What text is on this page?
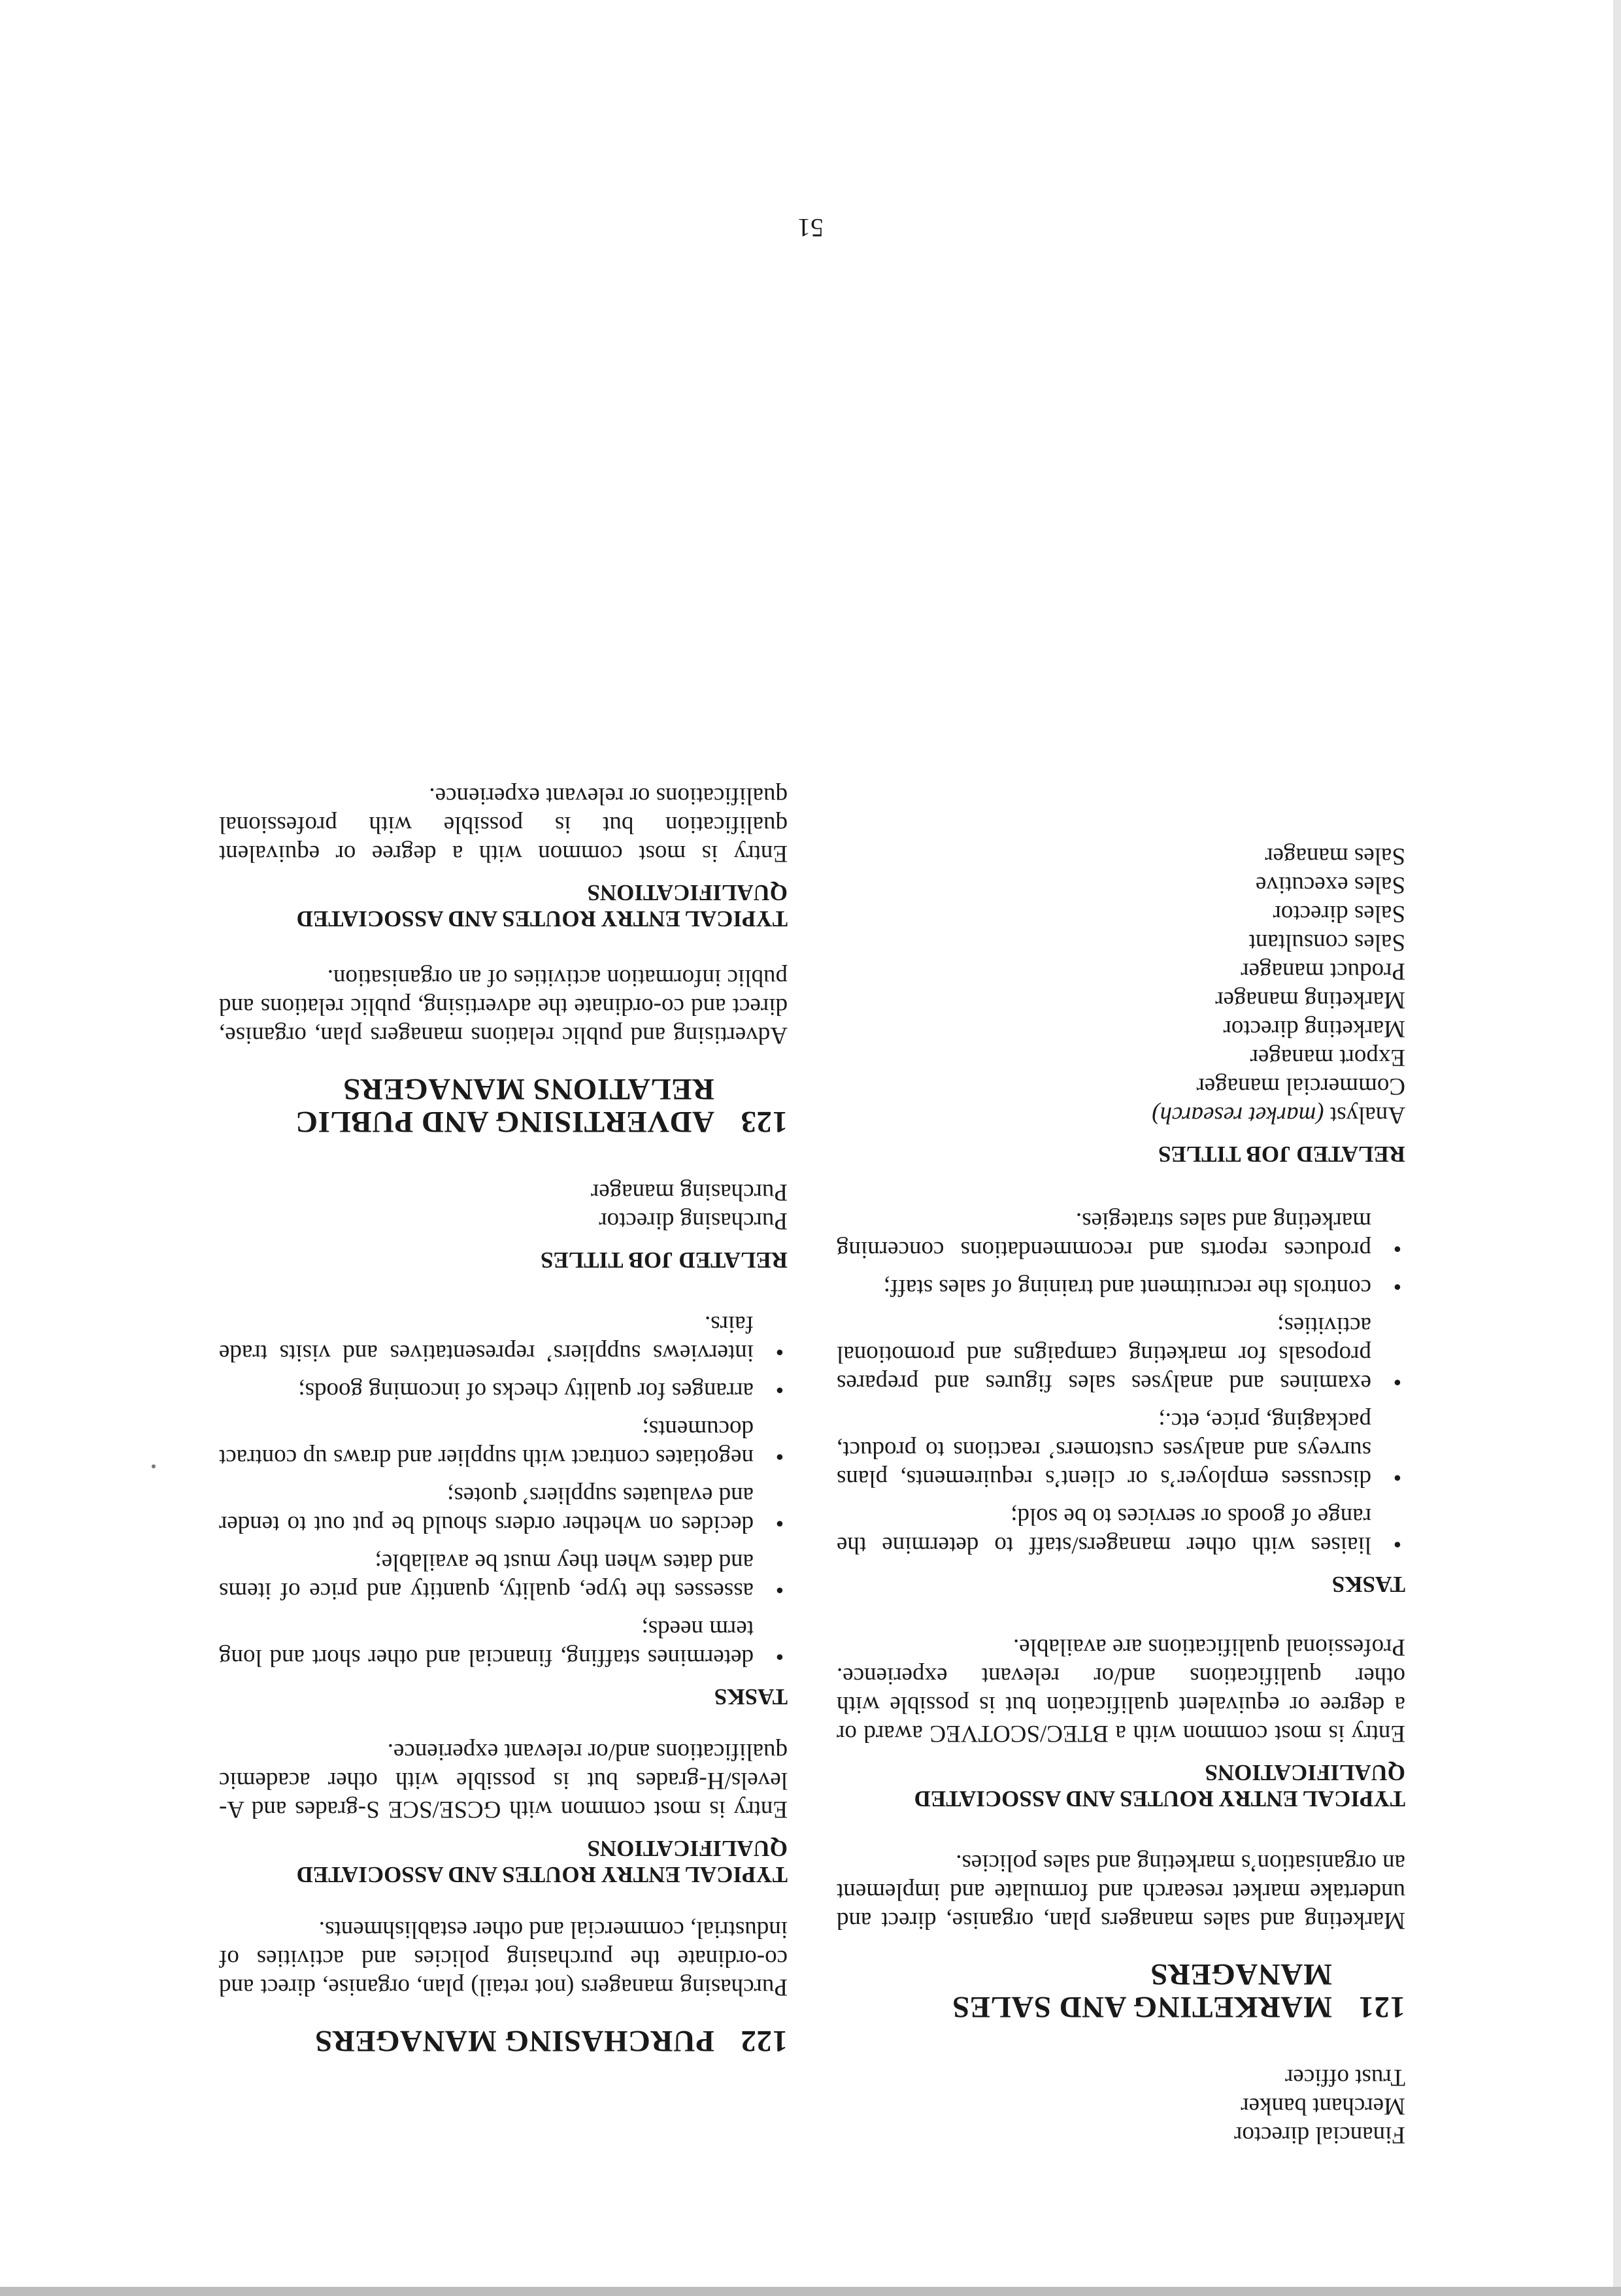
Financial director
Merchant banker
Trust officer
121
MARKETING AND SALES MANAGERS

Marketing and sales managers plan, organise, direct and undertake market research and formulate and implement an organisation’s marketing and sales policies.

TYPICAL ENTRY ROUTES AND ASSOCIATED QUALIFICATIONS

Entry is most common with a BTEC/SCOTVEC award or a degree or equivalent qualification but is possible with other qualifications and/or relevant experience. Professional qualifications are available.

TASKS
● liaises with other managers/staff to determine the range of goods or services to be sold;
● discusses employer’s or client’s requirements, plans surveys and analyses customers’ reactions to product, packaging, price, etc.;
● examines and analyses sales figures and prepares proposals for marketing campaigns and promotional activities;
● controls the recruitment and training of sales staff;
● produces reports and recommendations concerning marketing and sales strategies.
RELATED JOB TITLES
Analyst (market research)
Commercial manager
Export manager
Marketing director
Marketing manager
Product manager
Sales consultant
Sales director
Sales executive
Sales manager
122
PURCHASING MANAGERS

Purchasing managers (not retail) plan, organise, direct and co-ordinate the purchasing policies and activities of industrial, commercial and other establishments.

TYPICAL ENTRY ROUTES AND ASSOCIATED QUALIFICATIONS

Entry is most common with GCSE/SCE S-grades and A-levels/H-grades but is possible with other academic qualifications and/or relevant experience.

TASKS
● determines staffing, financial and other short and long term needs;
● assesses the type, quality, quantity and price of items and dates when they must be available;
● decides on whether orders should be put out to tender and evaluates suppliers’ quotes;
● negotiates contract with supplier and draws up contract documents;
● arranges for quality checks of incoming goods;
● interviews suppliers’ representatives and visits trade fairs.
RELATED JOB TITLES
Purchasing director
Purchasing manager
123
ADVERTISING AND PUBLIC RELATIONS MANAGERS

Advertising and public relations managers plan, organise, direct and co-ordinate the advertising, public relations and public information activities of an organisation.

TYPICAL ENTRY ROUTES AND ASSOCIATED QUALIFICATIONS

Entry is most common with a degree or equivalent qualification but is possible with professional qualifications or relevant experience.

51
